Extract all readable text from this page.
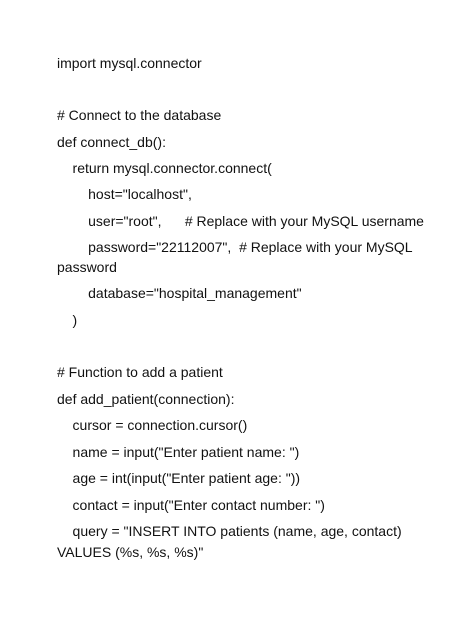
import mysql.connector
# Connect to the database
def connect_db():
return mysql.connector.connect(
host="localhost",
user="root",      # Replace with your MySQL username
password="22112007",  # Replace with your MySQL
password
database="hospital_management"
)
# Function to add a patient
def add_patient(connection):
cursor = connection.cursor()
name = input("Enter patient name: ")
age = int(input("Enter patient age: "))
contact = input("Enter contact number: ")
query = "INSERT INTO patients (name, age, contact)
VALUES (%s, %s, %s)"
